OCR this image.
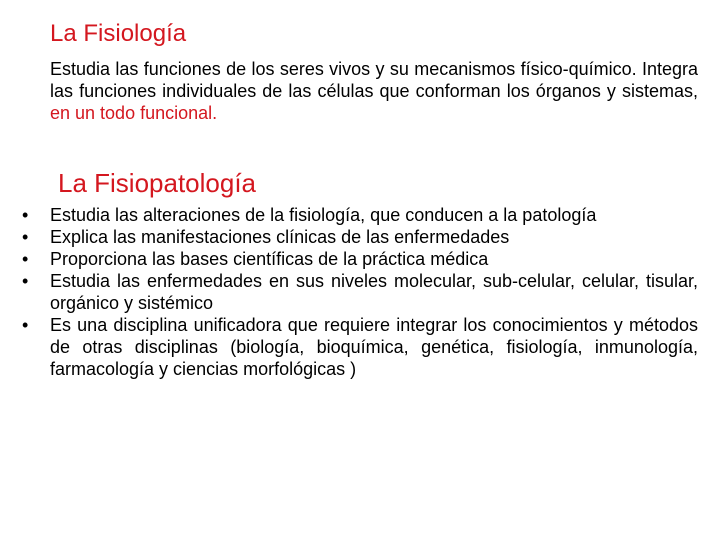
La Fisiología

Estudia las funciones de los seres vivos y su mecanismos físico-químico. Integra las funciones individuales de las células que conforman los órganos y sistemas, en un todo funcional.

La Fisiopatología
•	Estudia las alteraciones de la fisiología, que conducen a la patología
•	Explica las manifestaciones clínicas de las enfermedades
•	Proporciona las bases científicas de la práctica médica
•	Estudia las enfermedades en sus niveles molecular, sub-celular, celular, tisular, orgánico y sistémico
•	Es una disciplina unificadora que requiere integrar los conocimientos y métodos de otras disciplinas (biología, bioquímica, genética, fisiología, inmunología, farmacología y ciencias morfológicas )
